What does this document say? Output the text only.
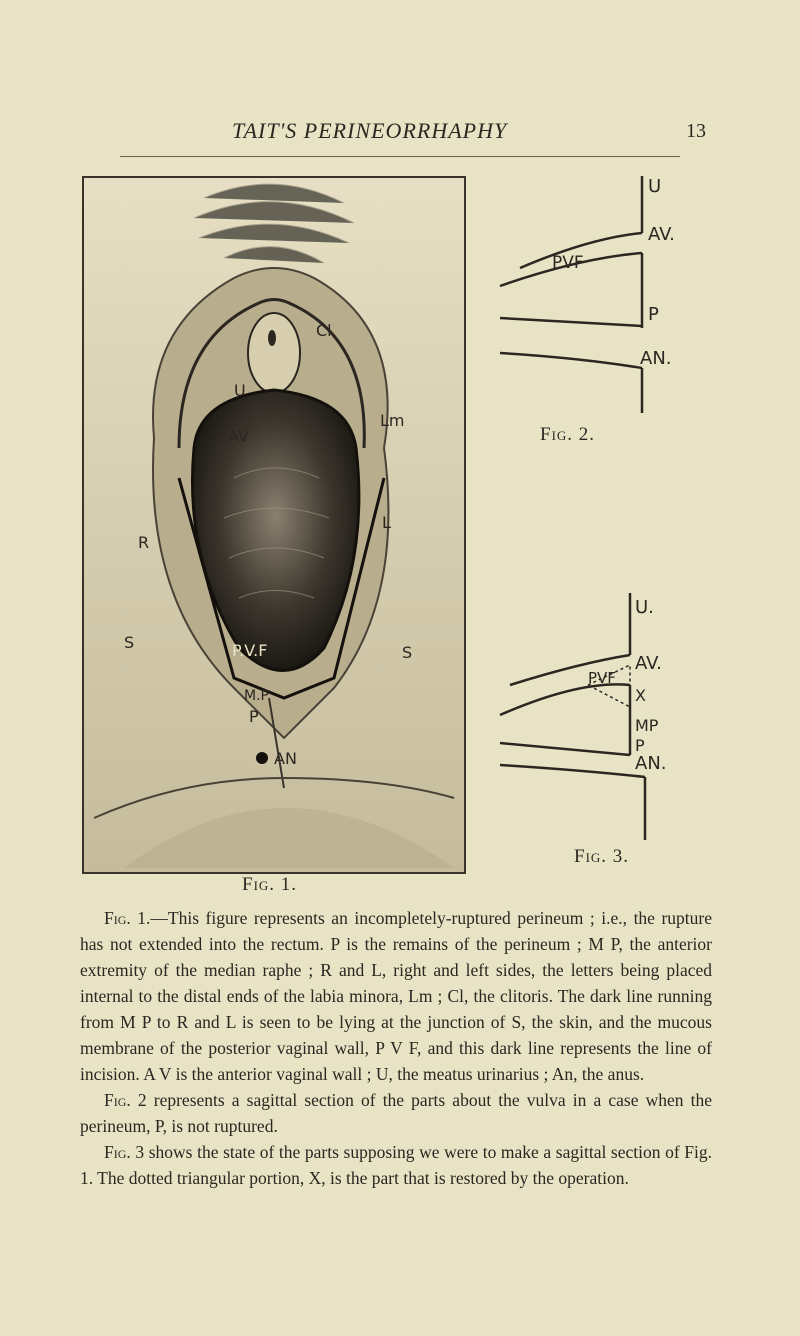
TAIT'S PERINEORRHAPHY	13
Cl
U
Lm
AV
L
R
P.V.F
S
S
M.P
P
AN
Fig. 1.
U
AV.
PVF
P
AN.
Fig. 2.
U.
AV.
PVF
X
MP
P
AN.
Fig. 3.

Fig. 1.—This figure represents an incompletely-ruptured perineum ; i.e., the rupture has not extended into the rectum. P is the remains of the perineum ; M P, the anterior extremity of the median raphe ; R and L, right and left sides, the letters being placed internal to the distal ends of the labia minora, Lm ; Cl, the clitoris. The dark line running from M P to R and L is seen to be lying at the junction of S, the skin, and the mucous membrane of the posterior vaginal wall, P V F, and this dark line represents the line of incision. A V is the anterior vaginal wall ; U, the meatus urinarius ; An, the anus.

Fig. 2 represents a sagittal section of the parts about the vulva in a case when the perineum, P, is not ruptured.

Fig. 3 shows the state of the parts supposing we were to make a sagittal section of Fig. 1. The dotted triangular portion, X, is the part that is restored by the operation.
